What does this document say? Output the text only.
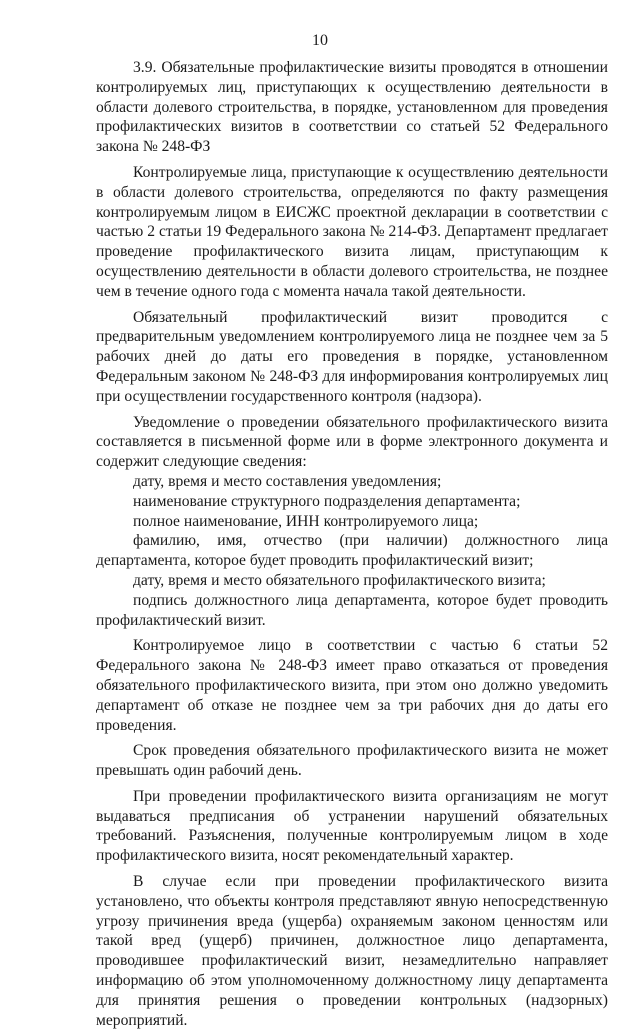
10

3.9. Обязательные профилактические визиты проводятся в отношении контролируемых лиц, приступающих к осуществлению деятельности в области долевого строительства, в порядке, установленном для проведения профилактических визитов в соответствии со статьей 52 Федерального закона № 248-ФЗ

Контролируемые лица, приступающие к осуществлению деятельности в области долевого строительства, определяются по факту размещения контролируемым лицом в ЕИСЖС проектной декларации в соответствии с частью 2 статьи 19 Федерального закона № 214-ФЗ. Департамент предлагает проведение профилактического визита лицам, приступающим к осуществлению деятельности в области долевого строительства, не позднее чем в течение одного года с момента начала такой деятельности.

Обязательный профилактический визит проводится с предварительным уведомлением контролируемого лица не позднее чем за 5 рабочих дней до даты его проведения в порядке, установленном Федеральным законом № 248-ФЗ для информирования контролируемых лиц при осуществлении государственного контроля (надзора).

Уведомление о проведении обязательного профилактического визита составляется в письменной форме или в форме электронного документа и содержит следующие сведения:

дату, время и место составления уведомления;

наименование структурного подразделения департамента;

полное наименование, ИНН контролируемого лица;

фамилию, имя, отчество (при наличии) должностного лица департамента, которое будет проводить профилактический визит;

дату, время и место обязательного профилактического визита;

подпись должностного лица департамента, которое будет проводить профилактический визит.

Контролируемое лицо в соответствии с частью 6 статьи 52 Федерального закона № 248-ФЗ имеет право отказаться от проведения обязательного профилактического визита, при этом оно должно уведомить департамент об отказе не позднее чем за три рабочих дня до даты его проведения.

Срок проведения обязательного профилактического визита не может превышать один рабочий день.

При проведении профилактического визита организациям не могут выдаваться предписания об устранении нарушений обязательных требований. Разъяснения, полученные контролируемым лицом в ходе профилактического визита, носят рекомендательный характер.

В случае если при проведении профилактического визита установлено, что объекты контроля представляют явную непосредственную угрозу причинения вреда (ущерба) охраняемым законом ценностям или такой вред (ущерб) причинен, должностное лицо департамента, проводившее профилактический визит, незамедлительно направляет информацию об этом уполномоченному должностному лицу департамента для принятия решения о проведении контрольных (надзорных) мероприятий.
